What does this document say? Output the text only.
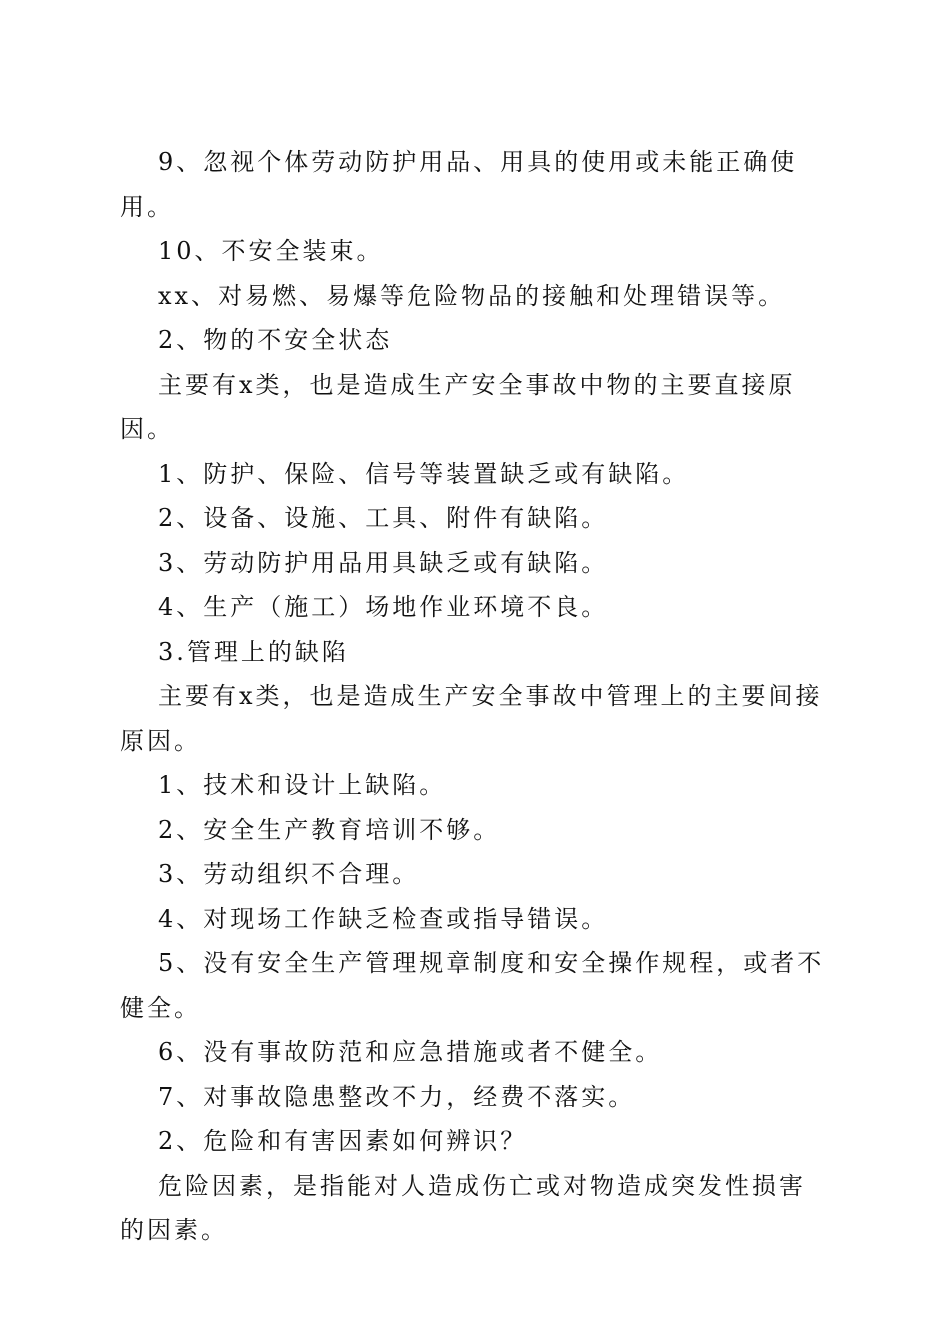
9、忽视个体劳动防护用品、用具的使用或未能正确使用。

10、不安全装束。

xx、对易燃、易爆等危险物品的接触和处理错误等。

2、物的不安全状态

主要有x类，也是造成生产安全事故中物的主要直接原因。

1、防护、保险、信号等装置缺乏或有缺陷。

2、设备、设施、工具、附件有缺陷。

3、劳动防护用品用具缺乏或有缺陷。

4、生产（施工）场地作业环境不良。

3.管理上的缺陷

主要有x类，也是造成生产安全事故中管理上的主要间接原因。

1、技术和设计上缺陷。

2、安全生产教育培训不够。

3、劳动组织不合理。

4、对现场工作缺乏检查或指导错误。

5、没有安全生产管理规章制度和安全操作规程，或者不健全。

6、没有事故防范和应急措施或者不健全。

7、对事故隐患整改不力，经费不落实。

2、危险和有害因素如何辨识？

危险因素，是指能对人造成伤亡或对物造成突发性损害的因素。
